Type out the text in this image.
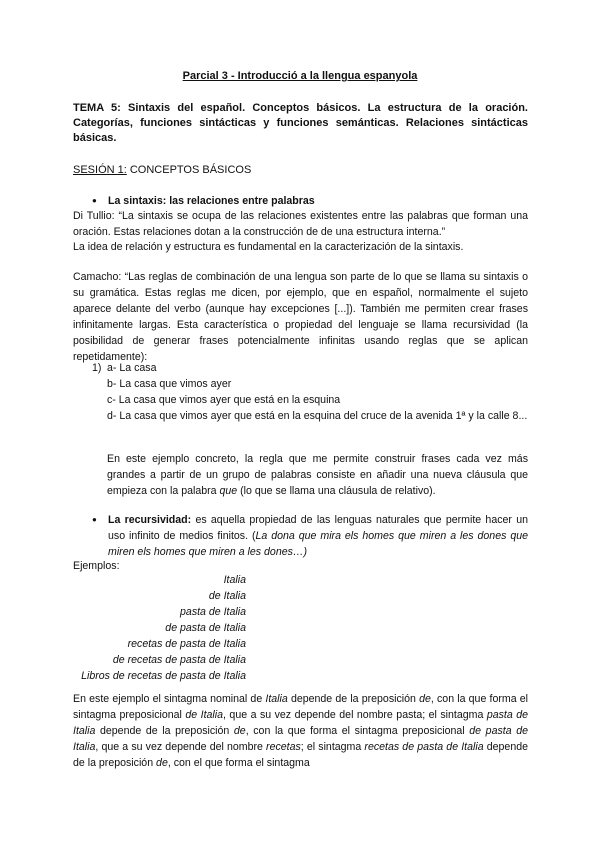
Parcial 3 - Introducció a la llengua espanyola
TEMA 5: Sintaxis del español. Conceptos básicos. La estructura de la oración. Categorías, funciones sintácticas y funciones semánticas. Relaciones sintácticas básicas.
SESIÓN 1: CONCEPTOS BÁSICOS
● La sintaxis: las relaciones entre palabras
Di Tullio: “La sintaxis se ocupa de las relaciones existentes entre las palabras que forman una oración. Estas relaciones dotan a la construcción de de una estructura interna.”
La idea de relación y estructura es fundamental en la caracterización de la sintaxis.
Camacho: “Las reglas de combinación de una lengua son parte de lo que se llama su sintaxis o su gramática. Estas reglas me dicen, por ejemplo, que en español, normalmente el sujeto aparece delante del verbo (aunque hay excepciones [...]). También me permiten crear frases infinitamente largas. Esta característica o propiedad del lenguaje se llama recursividad (la posibilidad de generar frases potencialmente infinitas usando reglas que se aplican repetidamente):
1) a- La casa
b- La casa que vimos ayer
c- La casa que vimos ayer que está en la esquina
d- La casa que vimos ayer que está en la esquina del cruce de la avenida 1ª y la calle 8...
En este ejemplo concreto, la regla que me permite construir frases cada vez más grandes a partir de un grupo de palabras consiste en añadir una nueva cláusula que empieza con la palabra que (lo que se llama una cláusula de relativo).
●	La recursividad: es aquella propiedad de las lenguas naturales que permite hacer un uso infinito de medios finitos. (La dona que mira els homes que miren a les dones que miren els homes que miren a les dones…)
Ejemplos:
Italia
de Italia
pasta de Italia
de pasta de Italia
recetas de pasta de Italia
de recetas de pasta de Italia
Libros de recetas de pasta de Italia
En este ejemplo el sintagma nominal de Italia depende de la preposición de, con la que forma el sintagma preposicional de Italia, que a su vez depende del nombre pasta; el sintagma pasta de Italia depende de la preposición de, con la que forma el sintagma preposicional de pasta de Italia, que a su vez depende del nombre recetas; el sintagma recetas de pasta de Italia depende de la preposición de, con el que forma el sintagma
